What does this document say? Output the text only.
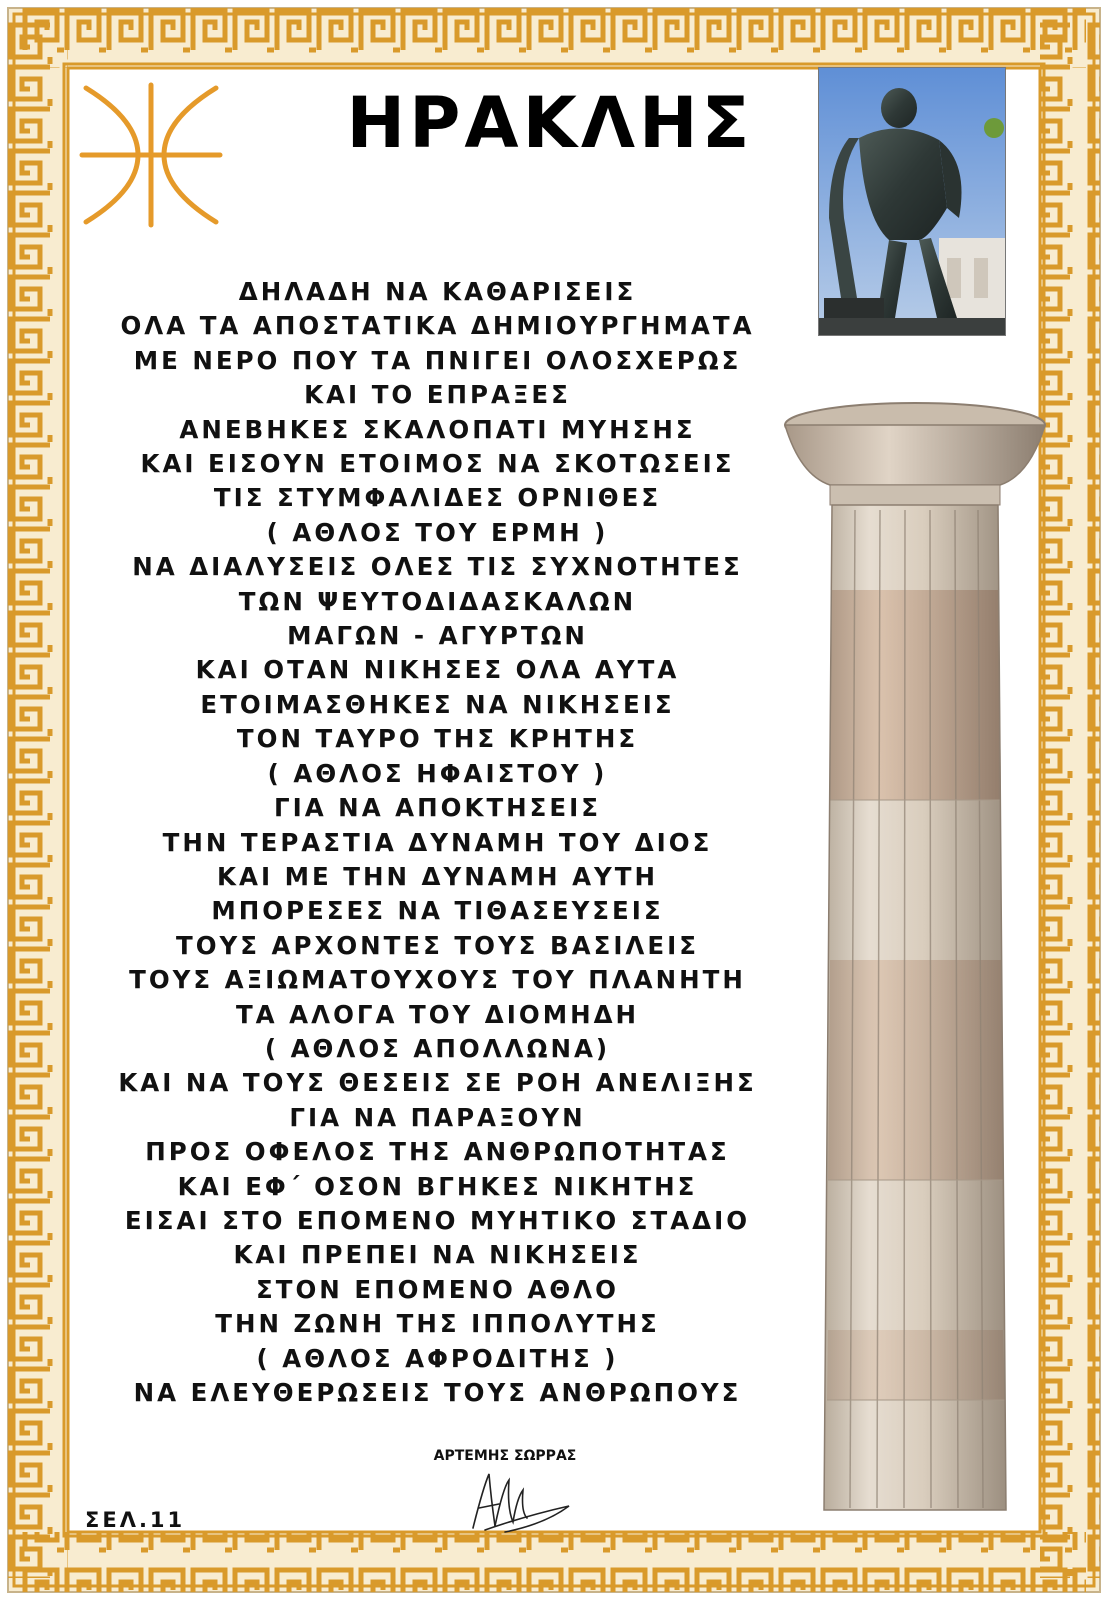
ΗΡΑΚΛΗΣ
ΔΗΛΑΔΗ ΝΑ ΚΑΘΑΡΙΣΕΙΣ
ΟΛΑ ΤΑ ΑΠΟΣΤΑΤΙΚΑ ΔΗΜΙΟΥΡΓΗΜΑΤΑ
ΜΕ ΝΕΡΟ ΠΟΥ ΤΑ ΠΝΙΓΕΙ ΟΛΟΣΧΕΡΩΣ
ΚΑΙ ΤΟ ΕΠΡΑΞΕΣ
ΑΝΕΒΗΚΕΣ ΣΚΑΛΟΠΑΤΙ ΜΥΗΣΗΣ
ΚΑΙ ΕΙΣΟΥΝ ΕΤΟΙΜΟΣ ΝΑ ΣΚΟΤΩΣΕΙΣ
ΤΙΣ ΣΤΥΜΦΑΛΙΔΕΣ ΟΡΝΙΘΕΣ
( ΑΘΛΟΣ ΤΟΥ ΕΡΜΗ )
ΝΑ ΔΙΑΛΥΣΕΙΣ ΟΛΕΣ ΤΙΣ ΣΥΧΝΟΤΗΤΕΣ
ΤΩΝ ΨΕΥΤΟΔΙΔΑΣΚΑΛΩΝ
ΜΑΓΩΝ - ΑΓΥΡΤΩΝ
ΚΑΙ ΟΤΑΝ ΝΙΚΗΣΕΣ ΟΛΑ ΑΥΤΑ
ΕΤΟΙΜΑΣΘΗΚΕΣ ΝΑ ΝΙΚΗΣΕΙΣ
ΤΟΝ ΤΑΥΡΟ ΤΗΣ ΚΡΗΤΗΣ
( ΑΘΛΟΣ ΗΦΑΙΣΤΟΥ )
ΓΙΑ ΝΑ ΑΠΟΚΤΗΣΕΙΣ
ΤΗΝ ΤΕΡΑΣΤΙΑ ΔΥΝΑΜΗ ΤΟΥ ΔΙΟΣ
ΚΑΙ ΜΕ ΤΗΝ ΔΥΝΑΜΗ ΑΥΤΗ
ΜΠΟΡΕΣΕΣ ΝΑ ΤΙΘΑΣΕΥΣΕΙΣ
ΤΟΥΣ ΑΡΧΟΝΤΕΣ ΤΟΥΣ ΒΑΣΙΛΕΙΣ
ΤΟΥΣ ΑΞΙΩΜΑΤΟΥΧΟΥΣ ΤΟΥ ΠΛΑΝΗΤΗ
ΤΑ ΑΛΟΓΑ ΤΟΥ ΔΙΟΜΗΔΗ
( ΑΘΛΟΣ ΑΠΟΛΛΩΝΑ)
ΚΑΙ ΝΑ ΤΟΥΣ ΘΕΣΕΙΣ ΣΕ ΡΟΗ ΑΝΕΛΙΞΗΣ
ΓΙΑ ΝΑ ΠΑΡΑΞΟΥΝ
ΠΡΟΣ ΟΦΕΛΟΣ ΤΗΣ ΑΝΘΡΩΠΟΤΗΤΑΣ
ΚΑΙ ΕΦ΄ ΟΣΟΝ ΒΓΗΚΕΣ ΝΙΚΗΤΗΣ
ΕΙΣΑΙ ΣΤΟ ΕΠΟΜΕΝΟ ΜΥΗΤΙΚΟ ΣΤΑΔΙΟ
ΚΑΙ ΠΡΕΠΕΙ ΝΑ ΝΙΚΗΣΕΙΣ
ΣΤΟΝ ΕΠΟΜΕΝΟ ΑΘΛΟ
ΤΗΝ ΖΩΝΗ ΤΗΣ ΙΠΠΟΛΥΤΗΣ
( ΑΘΛΟΣ ΑΦΡΟΔΙΤΗΣ )
ΝΑ ΕΛΕΥΘΕΡΩΣΕΙΣ ΤΟΥΣ ΑΝΘΡΩΠΟΥΣ
ΑΡΤΕΜΗΣ ΣΩΡΡΑΣ
ΣΕΛ.11
